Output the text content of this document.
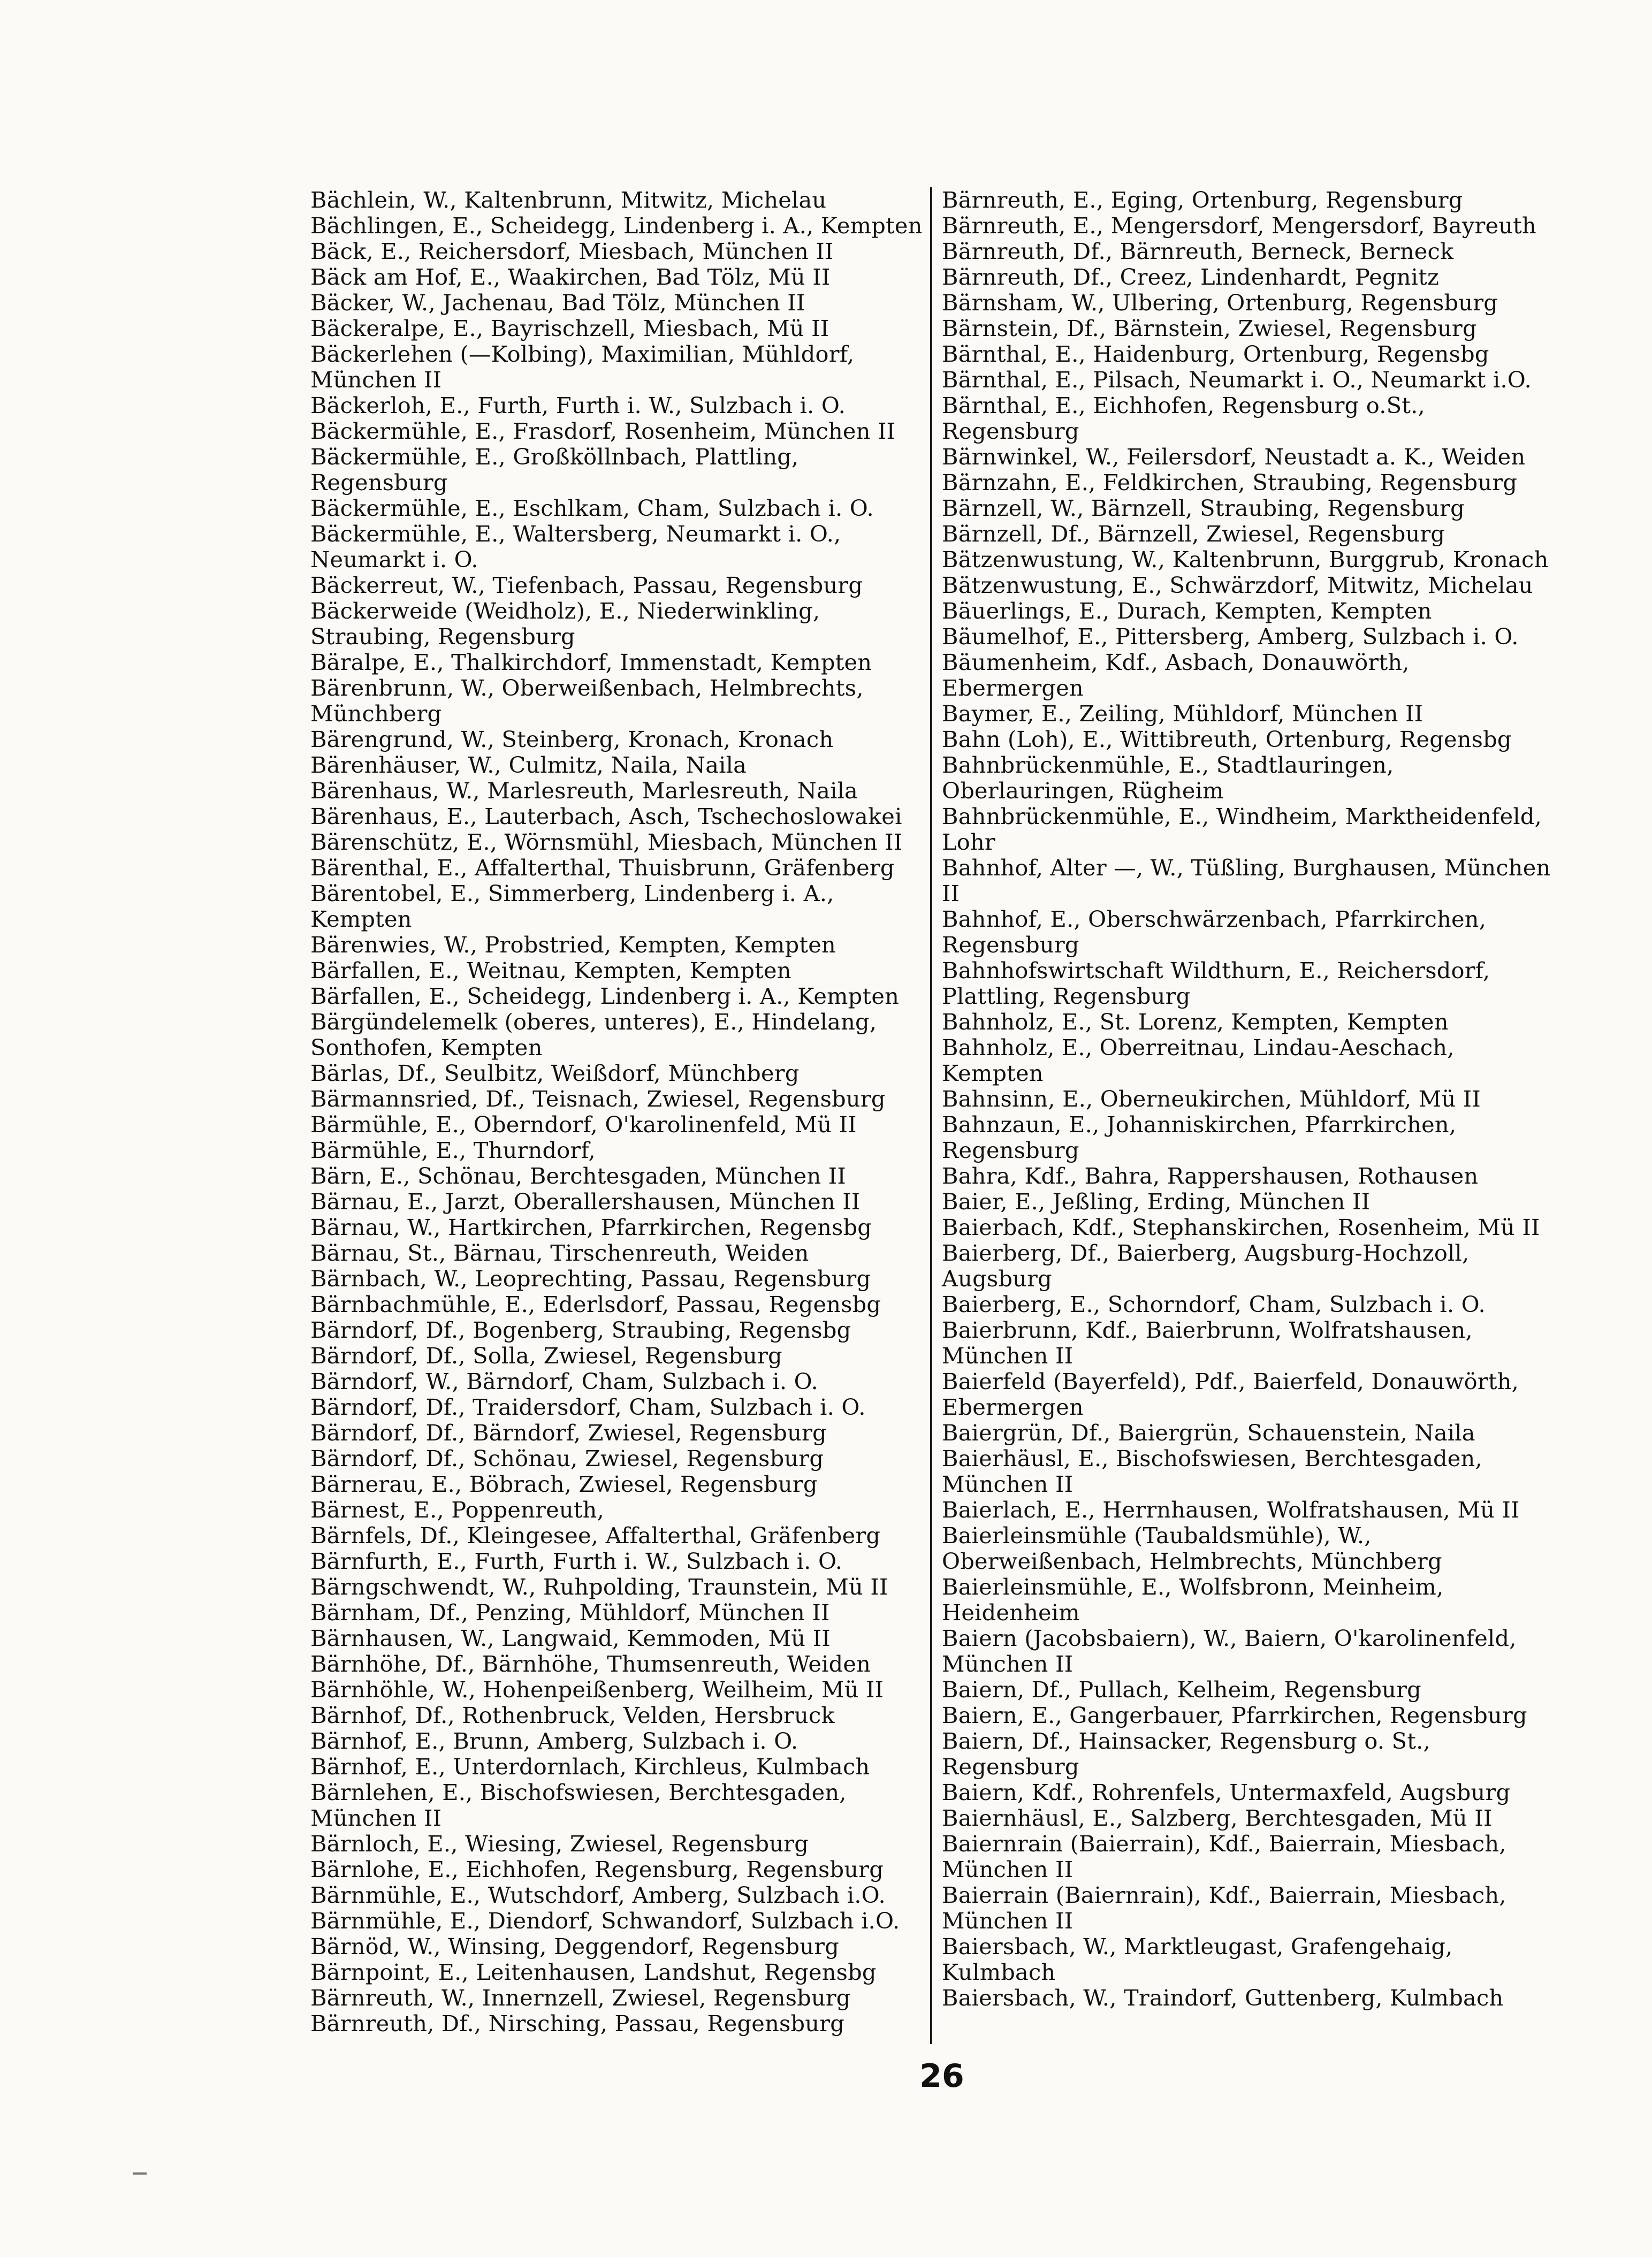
Bächlein, W., Kaltenbrunn, Mitwitz, Michelau
Bächlingen, E., Scheidegg, Lindenberg i. A., Kempten
Bäck, E., Reichersdorf, Miesbach, München II
Bäck am Hof, E., Waakirchen, Bad Tölz, Mü II
Bäcker, W., Jachenau, Bad Tölz, München II
Bäckeralpe, E., Bayrischzell, Miesbach, Mü II
Bäckerlehen (—Kolbing), Maximilian, Mühldorf, München II
Bäckerloh, E., Furth, Furth i. W., Sulzbach i. O.
Bäckermühle, E., Frasdorf, Rosenheim, München II
Bäckermühle, E., Großköllnbach, Plattling, Regensburg
Bäckermühle, E., Eschlkam, Cham, Sulzbach i. O.
Bäckermühle, E., Waltersberg, Neumarkt i. O., Neumarkt i. O.
Bäckerreut, W., Tiefenbach, Passau, Regensburg
Bäckerweide (Weidholz), E., Niederwinkling, Straubing, Regensburg
Bäralpe, E., Thalkirchdorf, Immenstadt, Kempten
Bärenbrunn, W., Oberweißenbach, Helmbrechts, Münchberg
Bärengrund, W., Steinberg, Kronach, Kronach
Bärenhäuser, W., Culmitz, Naila, Naila
Bärenhaus, W., Marlesreuth, Marlesreuth, Naila
Bärenhaus, E., Lauterbach, Asch, Tschechoslowakei
Bärenschütz, E., Wörnsmühl, Miesbach, München II
Bärenthal, E., Affalterthal, Thuisbrunn, Gräfenberg
Bärentobel, E., Simmerberg, Lindenberg i. A., Kempten
Bärenwies, W., Probstried, Kempten, Kempten
Bärfallen, E., Weitnau, Kempten, Kempten
Bärfallen, E., Scheidegg, Lindenberg i. A., Kempten
Bärgündelemelk (oberes, unteres), E., Hindelang, Sonthofen, Kempten
Bärlas, Df., Seulbitz, Weißdorf, Münchberg
Bärmannsried, Df., Teisnach, Zwiesel, Regensburg
Bärmühle, E., Oberndorf, O'karolinenfeld, Mü II
Bärmühle, E., Thurndorf,
Bärn, E., Schönau, Berchtesgaden, München II
Bärnau, E., Jarzt, Oberallershausen, München II
Bärnau, W., Hartkirchen, Pfarrkirchen, Regensbg
Bärnau, St., Bärnau, Tirschenreuth, Weiden
Bärnbach, W., Leoprechting, Passau, Regensburg
Bärnbachmühle, E., Ederlsdorf, Passau, Regensbg
Bärndorf, Df., Bogenberg, Straubing, Regensbg
Bärndorf, Df., Solla, Zwiesel, Regensburg
Bärndorf, W., Bärndorf, Cham, Sulzbach i. O.
Bärndorf, Df., Traidersdorf, Cham, Sulzbach i. O.
Bärndorf, Df., Bärndorf, Zwiesel, Regensburg
Bärndorf, Df., Schönau, Zwiesel, Regensburg
Bärnerau, E., Böbrach, Zwiesel, Regensburg
Bärnest, E., Poppenreuth,
Bärnfels, Df., Kleingesee, Affalterthal, Gräfenberg
Bärnfurth, E., Furth, Furth i. W., Sulzbach i. O.
Bärngschwendt, W., Ruhpolding, Traunstein, Mü II
Bärnham, Df., Penzing, Mühldorf, München II
Bärnhausen, W., Langwaid, Kemmoden, Mü II
Bärnhöhe, Df., Bärnhöhe, Thumsenreuth, Weiden
Bärnhöhle, W., Hohenpeißenberg, Weilheim, Mü II
Bärnhof, Df., Rothenbruck, Velden, Hersbruck
Bärnhof, E., Brunn, Amberg, Sulzbach i. O.
Bärnhof, E., Unterdornlach, Kirchleus, Kulmbach
Bärnlehen, E., Bischofswiesen, Berchtesgaden, München II
Bärnloch, E., Wiesing, Zwiesel, Regensburg
Bärnlohe, E., Eichhofen, Regensburg, Regensburg
Bärnmühle, E., Wutschdorf, Amberg, Sulzbach i.O.
Bärnmühle, E., Diendorf, Schwandorf, Sulzbach i.O.
Bärnöd, W., Winsing, Deggendorf, Regensburg
Bärnpoint, E., Leitenhausen, Landshut, Regensbg
Bärnreuth, W., Innernzell, Zwiesel, Regensburg
Bärnreuth, Df., Nirsching, Passau, Regensburg
Bärnreuth, E., Eging, Ortenburg, Regensburg
Bärnreuth, E., Mengersdorf, Mengersdorf, Bayreuth
Bärnreuth, Df., Bärnreuth, Berneck, Berneck
Bärnreuth, Df., Creez, Lindenhardt, Pegnitz
Bärnsham, W., Ulbering, Ortenburg, Regensburg
Bärnstein, Df., Bärnstein, Zwiesel, Regensburg
Bärnthal, E., Haidenburg, Ortenburg, Regensbg
Bärnthal, E., Pilsach, Neumarkt i. O., Neumarkt i.O.
Bärnthal, E., Eichhofen, Regensburg o.St., Regensburg
Bärnwinkel, W., Feilersdorf, Neustadt a. K., Weiden
Bärnzahn, E., Feldkirchen, Straubing, Regensburg
Bärnzell, W., Bärnzell, Straubing, Regensburg
Bärnzell, Df., Bärnzell, Zwiesel, Regensburg
Bätzenwustung, W., Kaltenbrunn, Burggrub, Kronach
Bätzenwustung, E., Schwärzdorf, Mitwitz, Michelau
Bäuerlings, E., Durach, Kempten, Kempten
Bäumelhof, E., Pittersberg, Amberg, Sulzbach i. O.
Bäumenheim, Kdf., Asbach, Donauwörth, Ebermergen
Baymer, E., Zeiling, Mühldorf, München II
Bahn (Loh), E., Wittibreuth, Ortenburg, Regensbg
Bahnbrückenmühle, E., Stadtlauringen, Oberlauringen, Rügheim
Bahnbrückenmühle, E., Windheim, Marktheidenfeld, Lohr
Bahnhof, Alter —, W., Tüßling, Burghausen, München II
Bahnhof, E., Oberschwärzenbach, Pfarrkirchen, Regensburg
Bahnhofswirtschaft Wildthurn, E., Reichersdorf, Plattling, Regensburg
Bahnholz, E., St. Lorenz, Kempten, Kempten
Bahnholz, E., Oberreitnau, Lindau-Aeschach, Kempten
Bahnsinn, E., Oberneukirchen, Mühldorf, Mü II
Bahnzaun, E., Johanniskirchen, Pfarrkirchen, Regensburg
Bahra, Kdf., Bahra, Rappershausen, Rothausen
Baier, E., Jeßling, Erding, München II
Baierbach, Kdf., Stephanskirchen, Rosenheim, Mü II
Baierberg, Df., Baierberg, Augsburg-Hochzoll, Augsburg
Baierberg, E., Schorndorf, Cham, Sulzbach i. O.
Baierbrunn, Kdf., Baierbrunn, Wolfratshausen, München II
Baierfeld (Bayerfeld), Pdf., Baierfeld, Donauwörth, Ebermergen
Baiergrün, Df., Baiergrün, Schauenstein, Naila
Baierhäusl, E., Bischofswiesen, Berchtesgaden, München II
Baierlach, E., Herrnhausen, Wolfratshausen, Mü II
Baierleinsmühle (Taubaldsmühle), W., Oberweißenbach, Helmbrechts, Münchberg
Baierleinsmühle, E., Wolfsbronn, Meinheim, Heidenheim
Baiern (Jacobsbaiern), W., Baiern, O'karolinenfeld, München II
Baiern, Df., Pullach, Kelheim, Regensburg
Baiern, E., Gangerbauer, Pfarrkirchen, Regensburg
Baiern, Df., Hainsacker, Regensburg o. St., Regensburg
Baiern, Kdf., Rohrenfels, Untermaxfeld, Augsburg
Baiernhäusl, E., Salzberg, Berchtesgaden, Mü II
Baiernrain (Baierrain), Kdf., Baierrain, Miesbach, München II
Baierrain (Baiernrain), Kdf., Baierrain, Miesbach, München II
Baiersbach, W., Marktleugast, Grafengehaig, Kulmbach
Baiersbach, W., Traindorf, Guttenberg, Kulmbach
26
